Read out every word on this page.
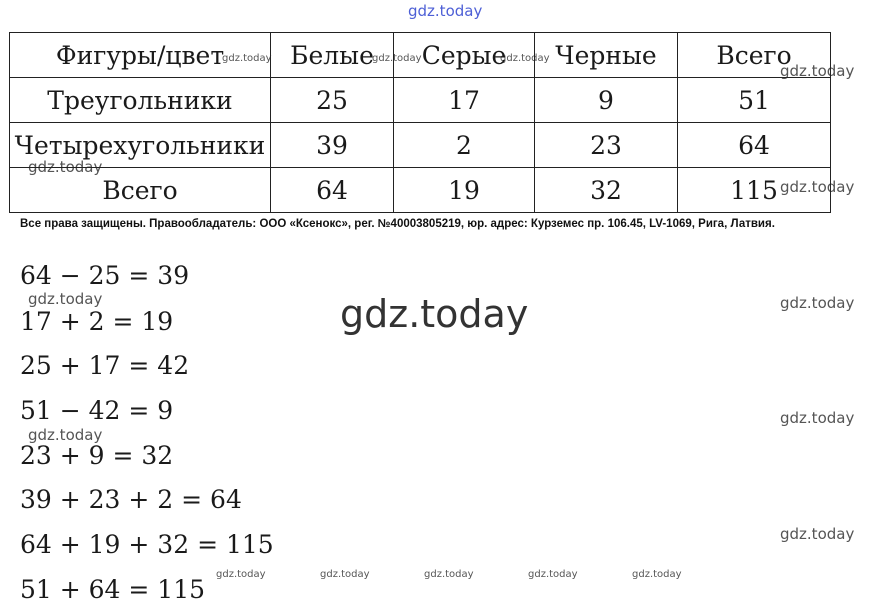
gdz.today
gdz.today
gdz.today
gdz.today
gdz.today
gdz.today
gdz.today
gdz.today
gdz.today
gdz.today
gdz.today	gdz.today	gdz.today
gdz.today	gdz.today	gdz.today	gdz.today	gdz.today
Фигуры/цвет	Белые	Серые	Черные	Всего
Треугольники	25	17	9	51
Четырехугольники	39	2	23	64
Всего	64	19	32	115
Все права защищены. Правообладатель: ООО «Ксенокс», рег. №40003805219, юр. адрес: Курземес пр. 106.45, LV-1069, Рига, Латвия.
64 − 25 = 39
17 + 2 = 19
25 + 17 = 42
51 − 42 = 9
23 + 9 = 32
39 + 23 + 2 = 64
64 + 19 + 32 = 115
51 + 64 = 115
